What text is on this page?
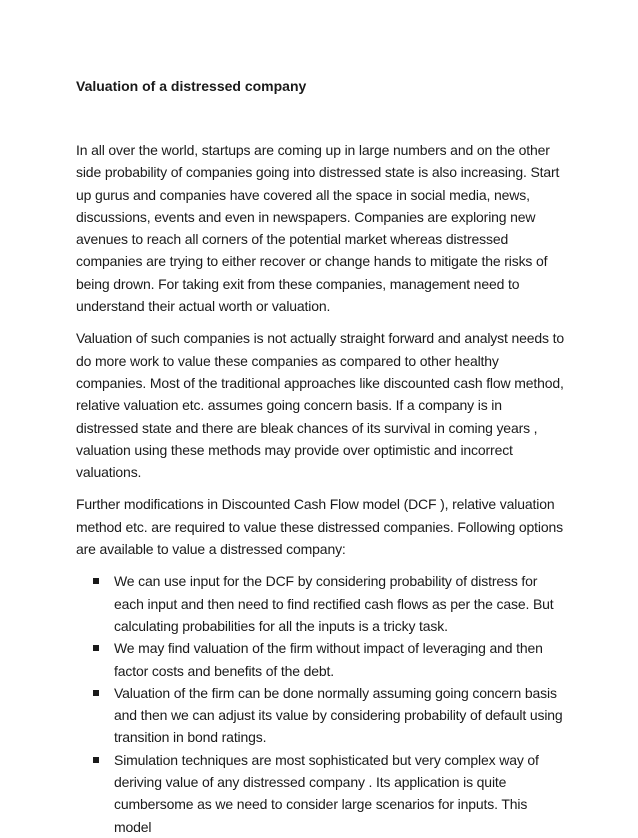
Valuation of a distressed company

In all over the world, startups are coming up in large numbers and on the other side probability of companies going into distressed state is also increasing. Start up gurus and companies have covered all the space in social media, news, discussions, events and even in newspapers. Companies are exploring new avenues to reach all corners of the potential market whereas distressed companies are trying to either recover or change hands to mitigate the risks of being drown. For taking exit from these companies, management need to understand their actual worth or valuation.

Valuation of such companies is not actually straight forward and analyst needs to do more work to value these companies as compared to other healthy companies. Most of the traditional approaches like discounted cash flow method, relative valuation etc. assumes going concern basis. If a company is in distressed state and there are bleak chances of its survival in coming years , valuation using these methods may provide over optimistic and incorrect valuations.

Further modifications in Discounted Cash Flow model (DCF ), relative valuation method etc. are required to value these distressed companies. Following options are available to value a distressed company:

We can use input for the DCF by considering probability of distress for each input and then need to find rectified cash flows as per the case. But calculating probabilities for all the inputs is a tricky task.
We may find valuation of the firm without impact of leveraging and then factor costs and benefits of the debt.
Valuation of the firm can be done normally assuming going concern basis and then we can adjust its value by considering probability of default using transition in bond ratings.
Simulation techniques are most sophisticated but very complex way of deriving value of any distressed company . Its application is quite cumbersome as we need to consider large scenarios for inputs. This model
